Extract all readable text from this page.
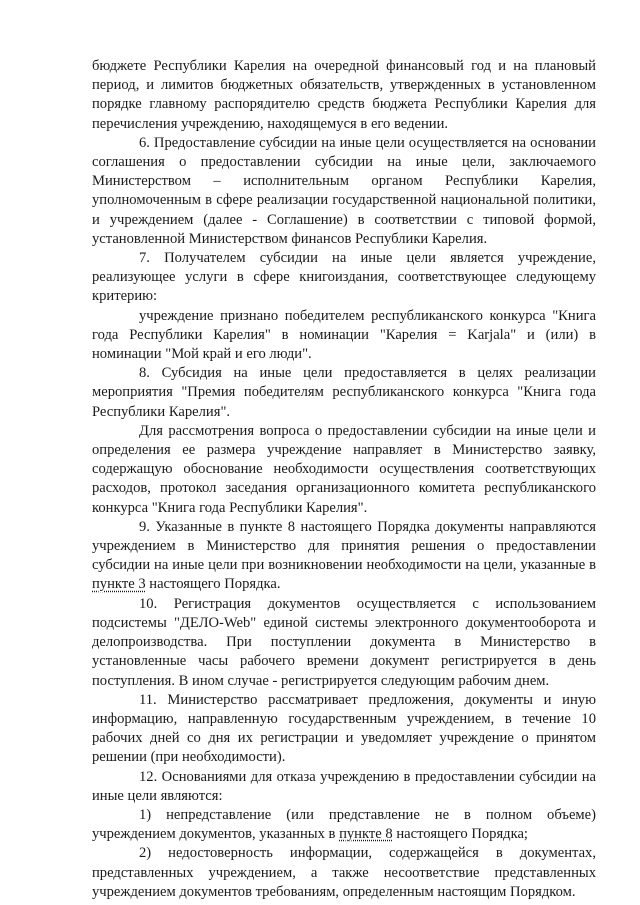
бюджете Республики Карелия на очередной финансовый год и на плановый период, и лимитов бюджетных обязательств, утвержденных в установленном порядке главному распорядителю средств бюджета Республики Карелия для перечисления учреждению, находящемуся в его ведении.

6. Предоставление субсидии на иные цели осуществляется на основании соглашения о предоставлении субсидии на иные цели, заключаемого Министерством – исполнительным органом Республики Карелия, уполномоченным в сфере реализации государственной национальной политики, и учреждением (далее - Соглашение) в соответствии с типовой формой, установленной Министерством финансов Республики Карелия.

7. Получателем субсидии на иные цели является учреждение, реализующее услуги в сфере книгоиздания, соответствующее следующему критерию:

учреждение признано победителем республиканского конкурса "Книга года Республики Карелия" в номинации "Карелия = Karjala" и (или) в номинации "Мой край и его люди".

8. Субсидия на иные цели предоставляется в целях реализации мероприятия "Премия победителям республиканского конкурса "Книга года Республики Карелия".

Для рассмотрения вопроса о предоставлении субсидии на иные цели и определения ее размера учреждение направляет в Министерство заявку, содержащую обоснование необходимости осуществления соответствующих расходов, протокол заседания организационного комитета республиканского конкурса "Книга года Республики Карелия".

9. Указанные в пункте 8 настоящего Порядка документы направляются учреждением в Министерство для принятия решения о предоставлении субсидии на иные цели при возникновении необходимости на цели, указанные в пункте 3 настоящего Порядка.

10. Регистрация документов осуществляется с использованием подсистемы "ДЕЛО-Web" единой системы электронного документооборота и делопроизводства. При поступлении документа в Министерство в установленные часы рабочего времени документ регистрируется в день поступления. В ином случае - регистрируется следующим рабочим днем.

11. Министерство рассматривает предложения, документы и иную информацию, направленную государственным учреждением, в течение 10 рабочих дней со дня их регистрации и уведомляет учреждение о принятом решении (при необходимости).

12. Основаниями для отказа учреждению в предоставлении субсидии на иные цели являются:

1) непредставление (или представление не в полном объеме) учреждением документов, указанных в пункте 8 настоящего Порядка;

2) недостоверность информации, содержащейся в документах, представленных учреждением, а также несоответствие представленных учреждением документов требованиям, определенным настоящим Порядком.
